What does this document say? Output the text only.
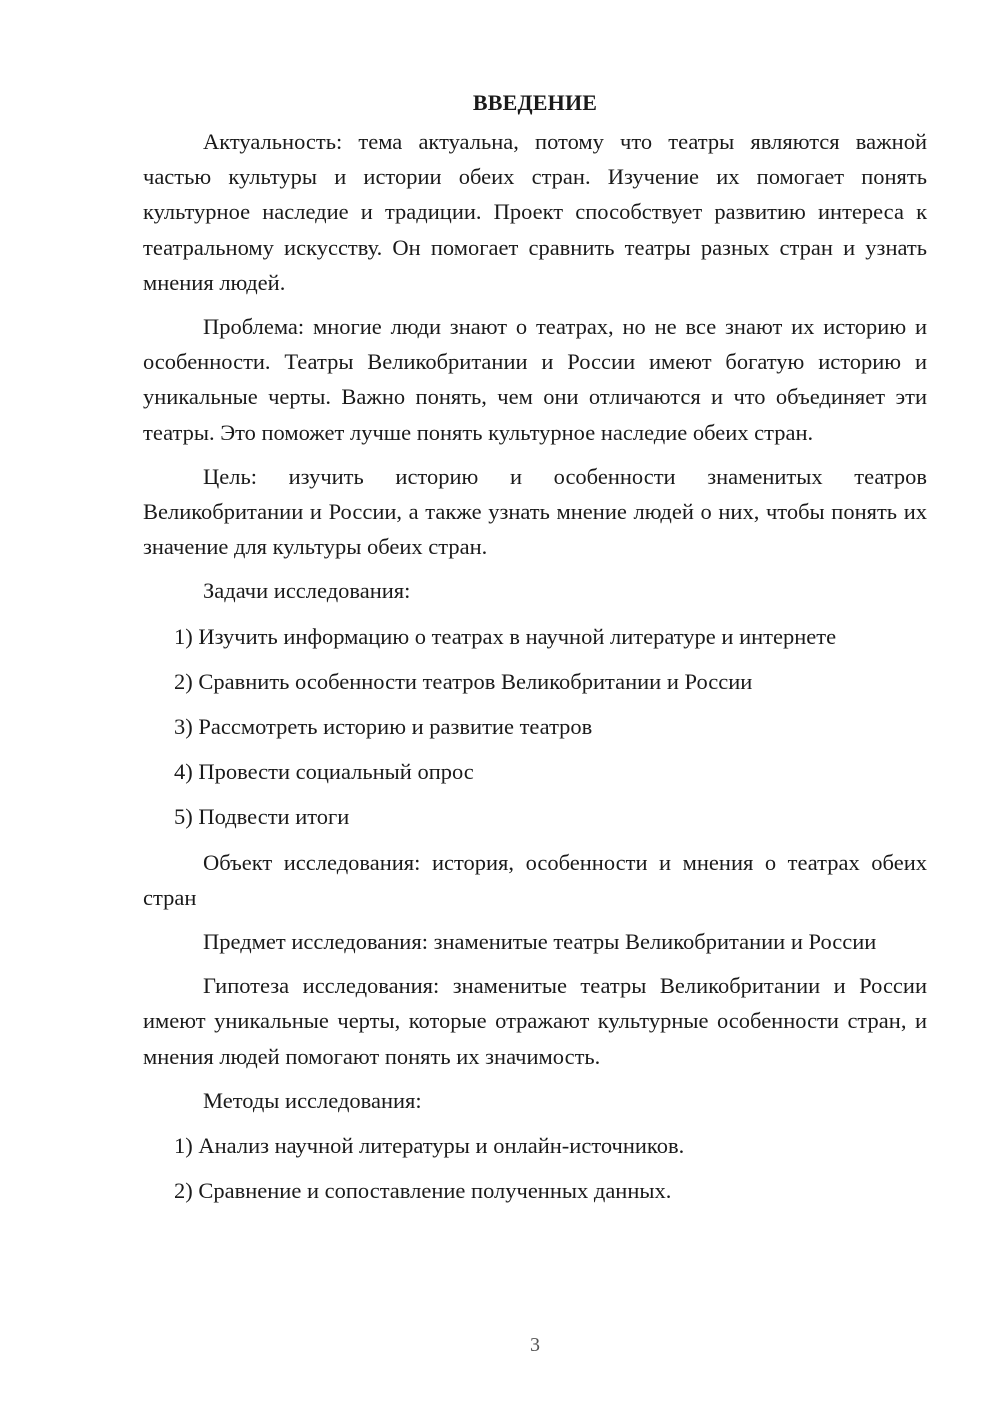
ВВЕДЕНИЕ

Актуальность: тема актуальна, потому что театры являются важной частью культуры и истории обеих стран. Изучение их помогает понять культурное наследие и традиции. Проект способствует развитию интереса к театральному искусству. Он помогает сравнить театры разных стран и узнать мнения людей.

Проблема: многие люди знают о театрах, но не все знают их историю и особенности. Театры Великобритании и России имеют богатую историю и уникальные черты. Важно понять, чем они отличаются и что объединяет эти театры. Это поможет лучше понять культурное наследие обеих стран.

Цель: изучить историю и особенности знаменитых театров Великобритании и России, а также узнать мнение людей о них, чтобы понять их значение для культуры обеих стран.

Задачи исследования:
1) Изучить информацию о театрах в научной литературе и интернете
2) Сравнить особенности театров Великобритании и России
3) Рассмотреть историю и развитие театров
4) Провести социальный опрос
5) Подвести итоги

Объект исследования: история, особенности и мнения о театрах обеих стран

Предмет исследования: знаменитые театры Великобритании и России

Гипотеза исследования: знаменитые театры Великобритании и России имеют уникальные черты, которые отражают культурные особенности стран, и мнения людей помогают понять их значимость.

Методы исследования:
1) Анализ научной литературы и онлайн-источников.
2) Сравнение и сопоставление полученных данных.
3
